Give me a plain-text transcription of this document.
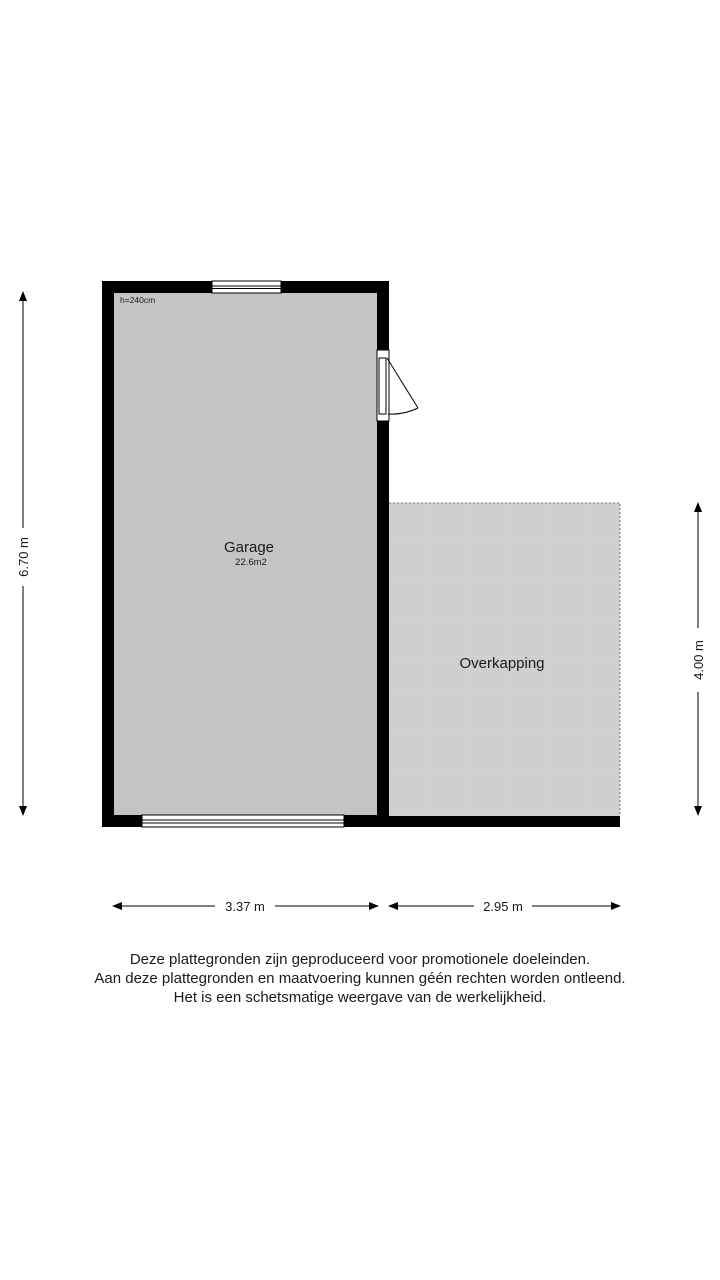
Overkapping
h=240cm
Garage
22.6m2
6.70 m
4.00 m
3.37 m	2.95 m
Deze plattegronden zijn geproduceerd voor promotionele doeleinden.
Aan deze plattegronden en maatvoering kunnen géén rechten worden ontleend.
Het is een schetsmatige weergave van de werkelijkheid.
